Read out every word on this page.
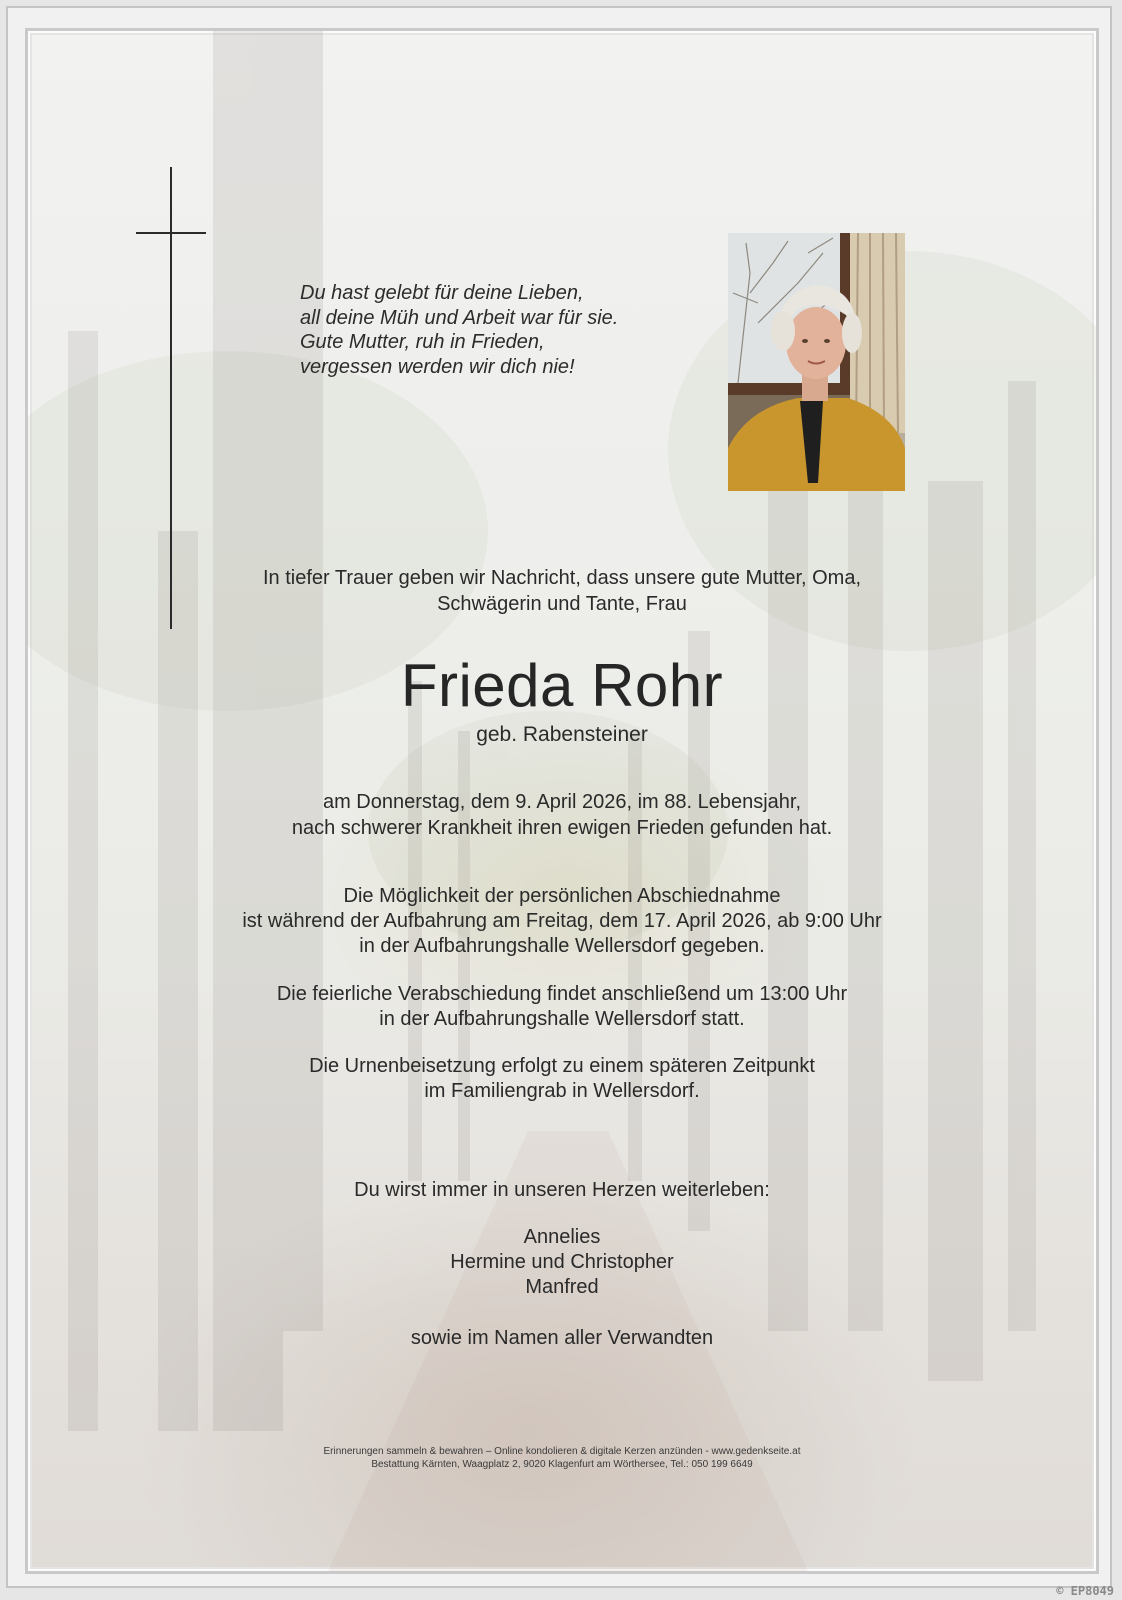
Du hast gelebt für deine Lieben,
all deine Müh und Arbeit war für sie.
Gute Mutter, ruh in Frieden,
vergessen werden wir dich nie!
In tiefer Trauer geben wir Nachricht, dass unsere gute Mutter, Oma,
Schwägerin und Tante, Frau
Frieda Rohr
geb. Rabensteiner
am Donnerstag, dem 9. April 2026, im 88. Lebensjahr,
nach schwerer Krankheit ihren ewigen Frieden gefunden hat.
Die Möglichkeit der persönlichen Abschiednahme
ist während der Aufbahrung am Freitag, dem 17. April 2026, ab 9:00 Uhr
in der Aufbahrungshalle Wellersdorf gegeben.
Die feierliche Verabschiedung findet anschließend um 13:00 Uhr
in der Aufbahrungshalle Wellersdorf statt.
Die Urnenbeisetzung erfolgt zu einem späteren Zeitpunkt
im Familiengrab in Wellersdorf.
Du wirst immer in unseren Herzen weiterleben:
Annelies
Hermine und Christopher
Manfred
sowie im Namen aller Verwandten
Erinnerungen sammeln & bewahren – Online kondolieren & digitale Kerzen anzünden - www.gedenkseite.at
Bestattung Kärnten, Waagplatz 2, 9020 Klagenfurt am Wörthersee, Tel.: 050 199 6649
© EP8049
